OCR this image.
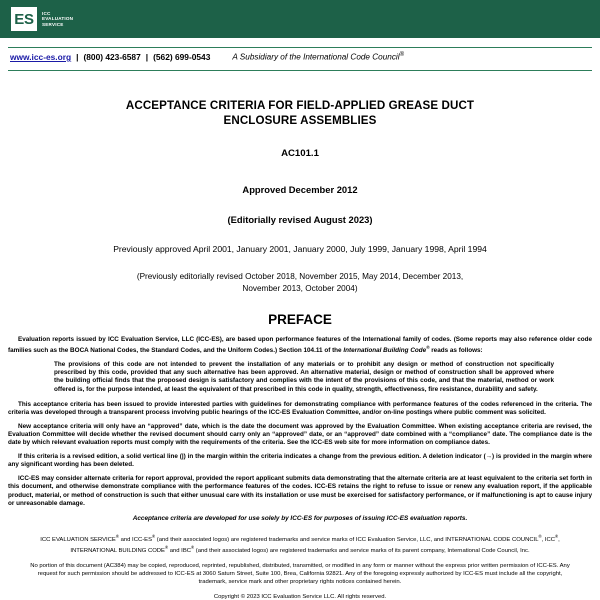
ES	ICC
EVALUATION
SERVICE
www.icc-es.org | (800) 423-6587 | (562) 699-0543	A Subsidiary of the International Code Council®
ACCEPTANCE CRITERIA FOR FIELD-APPLIED GREASE DUCT
ENCLOSURE ASSEMBLIES
AC101.1
Approved December 2012
(Editorially revised August 2023)
Previously approved April 2001, January 2001, January 2000, July 1999, January 1998, April 1994
(Previously editorially revised October 2018, November 2015, May 2014, December 2013,
November 2013, October 2004)
PREFACE

Evaluation reports issued by ICC Evaluation Service, LLC (ICC-ES), are based upon performance features of the International family of codes. (Some reports may also reference older code families such as the BOCA National Codes, the Standard Codes, and the Uniform Codes.) Section 104.11 of the International Building Code® reads as follows:

The provisions of this code are not intended to prevent the installation of any materials or to prohibit any design or method of construction not specifically prescribed by this code, provided that any such alternative has been approved. An alternative material, design or method of construction shall be approved where the building official finds that the proposed design is satisfactory and complies with the intent of the provisions of this code, and that the material, method or work offered is, for the purpose intended, at least the equivalent of that prescribed in this code in quality, strength, effectiveness, fire resistance, durability and safety.

This acceptance criteria has been issued to provide interested parties with guidelines for demonstrating compliance with performance features of the codes referenced in the criteria. The criteria was developed through a transparent process involving public hearings of the ICC-ES Evaluation Committee, and/or on-line postings where public comment was solicited.

New acceptance criteria will only have an “approved” date, which is the date the document was approved by the Evaluation Committee. When existing acceptance criteria are revised, the Evaluation Committee will decide whether the revised document should carry only an “approved” date, or an “approved” date combined with a “compliance” date. The compliance date is the date by which relevant evaluation reports must comply with the requirements of the criteria. See the ICC-ES web site for more information on compliance dates.

If this criteria is a revised edition, a solid vertical line (|) in the margin within the criteria indicates a change from the previous edition. A deletion indicator (→) is provided in the margin where any significant wording has been deleted.

ICC-ES may consider alternate criteria for report approval, provided the report applicant submits data demonstrating that the alternate criteria are at least equivalent to the criteria set forth in this document, and otherwise demonstrate compliance with the performance features of the codes. ICC-ES retains the right to refuse to issue or renew any evaluation report, if the applicable product, material, or method of construction is such that either unusual care with its installation or use must be exercised for satisfactory performance, or if malfunctioning is apt to cause injury or unreasonable damage.

Acceptance criteria are developed for use solely by ICC-ES for purposes of issuing ICC-ES evaluation reports.

ICC EVALUATION SERVICE® and ICC-ES® (and their associated logos) are registered trademarks and service marks of ICC Evaluation Service, LLC, and INTERNATIONAL CODE COUNCIL®, ICC®, INTERNATIONAL BUILDING CODE® and IBC® (and their associated logos) are registered trademarks and service marks of its parent company, International Code Council, Inc.

No portion of this document (AC384) may be copied, reproduced, reprinted, republished, distributed, transmitted, or modified in any form or manner without the express prior written permission of ICC-ES. Any request for such permission should be addressed to ICC-ES at 3060 Saturn Street, Suite 100, Brea, California 92821. Any of the foregoing expressly authorized by ICC-ES must include all the copyright, trademark, service mark and other proprietary rights notices contained herein.

Copyright © 2023 ICC Evaluation Service LLC. All rights reserved.
